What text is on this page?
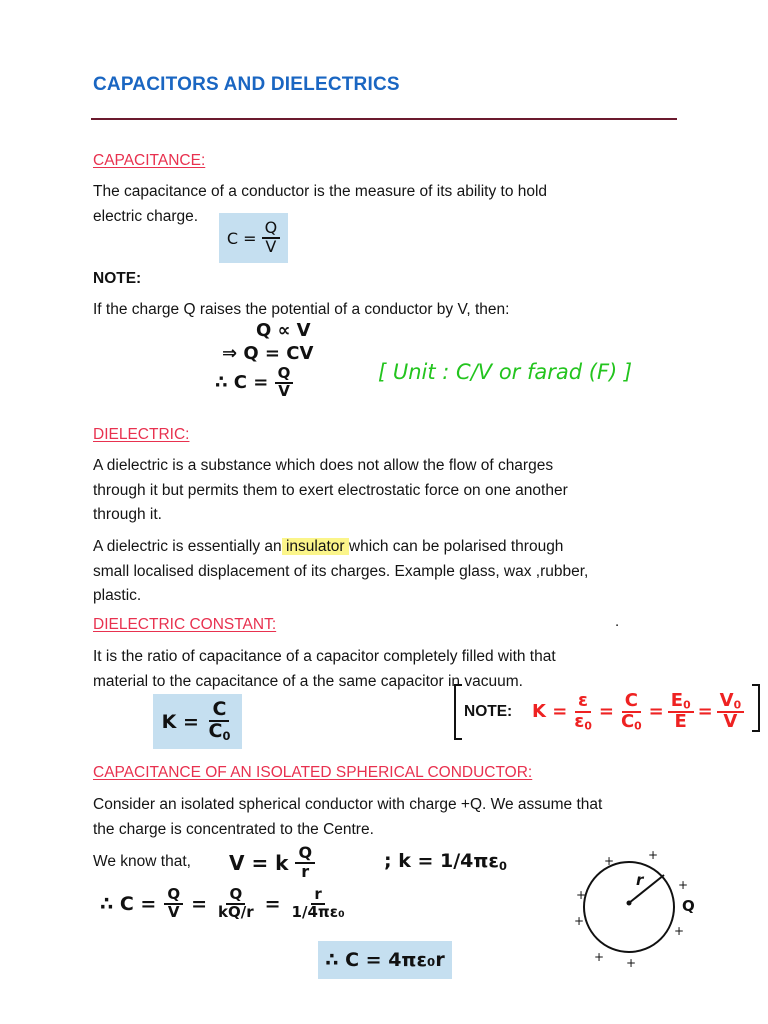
CAPACITORS AND DIELECTRICS
CAPACITANCE:
The capacitance of a conductor is the measure of its ability to hold
electric charge.
C =
$\frac{Q}{V}$
NOTE:
If the charge Q raises the potential of a conductor by V, then:
Q ∝ V
⇒ Q = CV
∴ C =
$\frac{Q}{V}$	[ Unit : C/V or farad (F) ]
DIELECTRIC:
A dielectric is a substance which does not allow the flow of charges
through it but permits them to exert electrostatic force on one another
through it.
A dielectric is essentially an insulator which can be polarised through
small localised displacement of its charges. Example glass, wax ,rubber,
plastic.
DIELECTRIC CONSTANT:	.
It is the ratio of capacitance of a capacitor completely filled with that
material to the capacitance of a the same capacitor in vacuum.
K =
$\frac{C}{C_0}$	NOTE: $K = \frac{\varepsilon}{\varepsilon_0} = \frac{C}{C_0} = \frac{E_0}{E} = \frac{V_0}{V}$
CAPACITANCE OF AN ISOLATED SPHERICAL CONDUCTOR:
Consider an isolated spherical conductor with charge +Q. We assume that
the charge is concentrated to the Centre.
We know that,	V = k
$\frac{Q}{r}$	; $k = 1/4\pi\varepsilon_0$
∴ $C = \frac{Q}{V} = \frac{Q}{kQ/r} = \frac{r}{\text{1/4πε₀}}$
∴ C = 4πε₀r
r
Q
+	+
+
+
+
+
+ +
